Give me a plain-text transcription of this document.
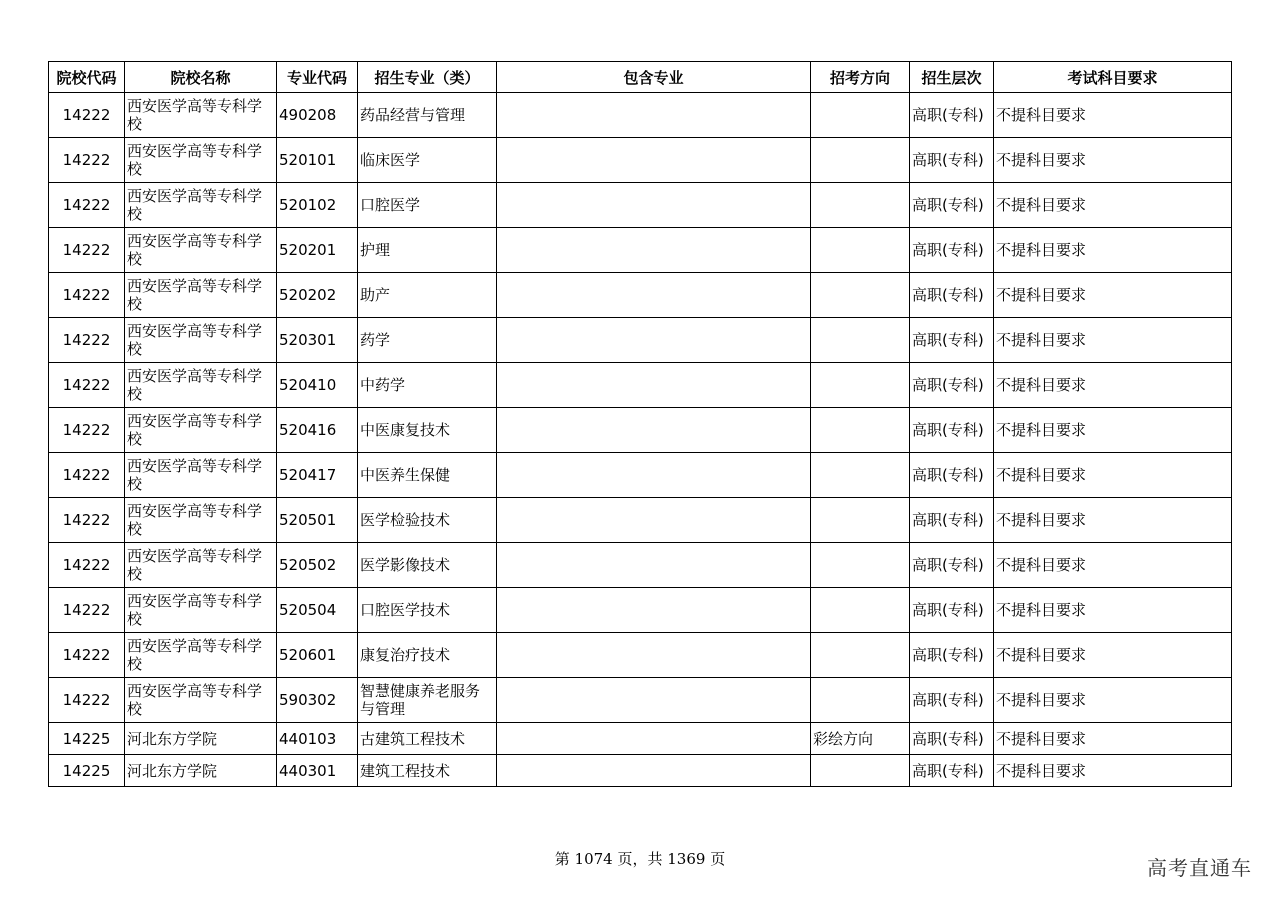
院校代码	院校名称	专业代码	招生专业（类）	包含专业	招考方向	招生层次	考试科目要求
14222	西安医学高等专科学校	490208	药品经营与管理			高职(专科)	不提科目要求
14222	西安医学高等专科学校	520101	临床医学			高职(专科)	不提科目要求
14222	西安医学高等专科学校	520102	口腔医学			高职(专科)	不提科目要求
14222	西安医学高等专科学校	520201	护理			高职(专科)	不提科目要求
14222	西安医学高等专科学校	520202	助产			高职(专科)	不提科目要求
14222	西安医学高等专科学校	520301	药学			高职(专科)	不提科目要求
14222	西安医学高等专科学校	520410	中药学			高职(专科)	不提科目要求
14222	西安医学高等专科学校	520416	中医康复技术			高职(专科)	不提科目要求
14222	西安医学高等专科学校	520417	中医养生保健			高职(专科)	不提科目要求
14222	西安医学高等专科学校	520501	医学检验技术			高职(专科)	不提科目要求
14222	西安医学高等专科学校	520502	医学影像技术			高职(专科)	不提科目要求
14222	西安医学高等专科学校	520504	口腔医学技术			高职(专科)	不提科目要求
14222	西安医学高等专科学校	520601	康复治疗技术			高职(专科)	不提科目要求
14222	西安医学高等专科学校	590302	智慧健康养老服务与管理			高职(专科)	不提科目要求
14225	河北东方学院	440103	古建筑工程技术		彩绘方向	高职(专科)	不提科目要求
14225	河北东方学院	440301	建筑工程技术			高职(专科)	不提科目要求
第 1074 页，共 1369 页	高考直通车
